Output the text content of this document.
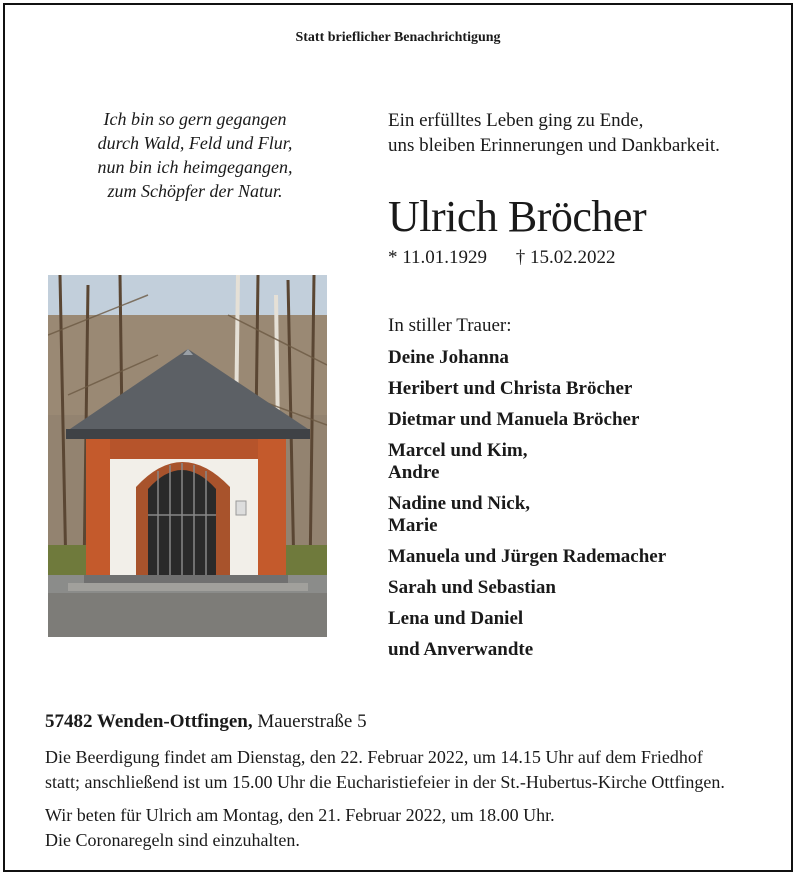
Statt brieflicher Benachrichtigung
Ich bin so gern gegangen
durch Wald, Feld und Flur,
nun bin ich heimgegangen,
zum Schöpfer der Natur.
Ein erfülltes Leben ging zu Ende,
uns bleiben Erinnerungen und Dankbarkeit.
Ulrich Bröcher
* 11.01.1929 † 15.02.2022
In stiller Trauer:
Deine Johanna
Heribert und Christa Bröcher
Dietmar und Manuela Bröcher
Marcel und Kim,
Andre
Nadine und Nick,
Marie
Manuela und Jürgen Rademacher
Sarah und Sebastian
Lena und Daniel
und Anverwandte
57482 Wenden-Ottfingen, Mauerstraße 5
Die Beerdigung findet am Dienstag, den 22. Februar 2022, um 14.15 Uhr auf dem Friedhof
statt; anschließend ist um 15.00 Uhr die Eucharistiefeier in der St.-Hubertus-Kirche Ottfingen.
Wir beten für Ulrich am Montag, den 21. Februar 2022, um 18.00 Uhr.
Die Coronaregeln sind einzuhalten.
